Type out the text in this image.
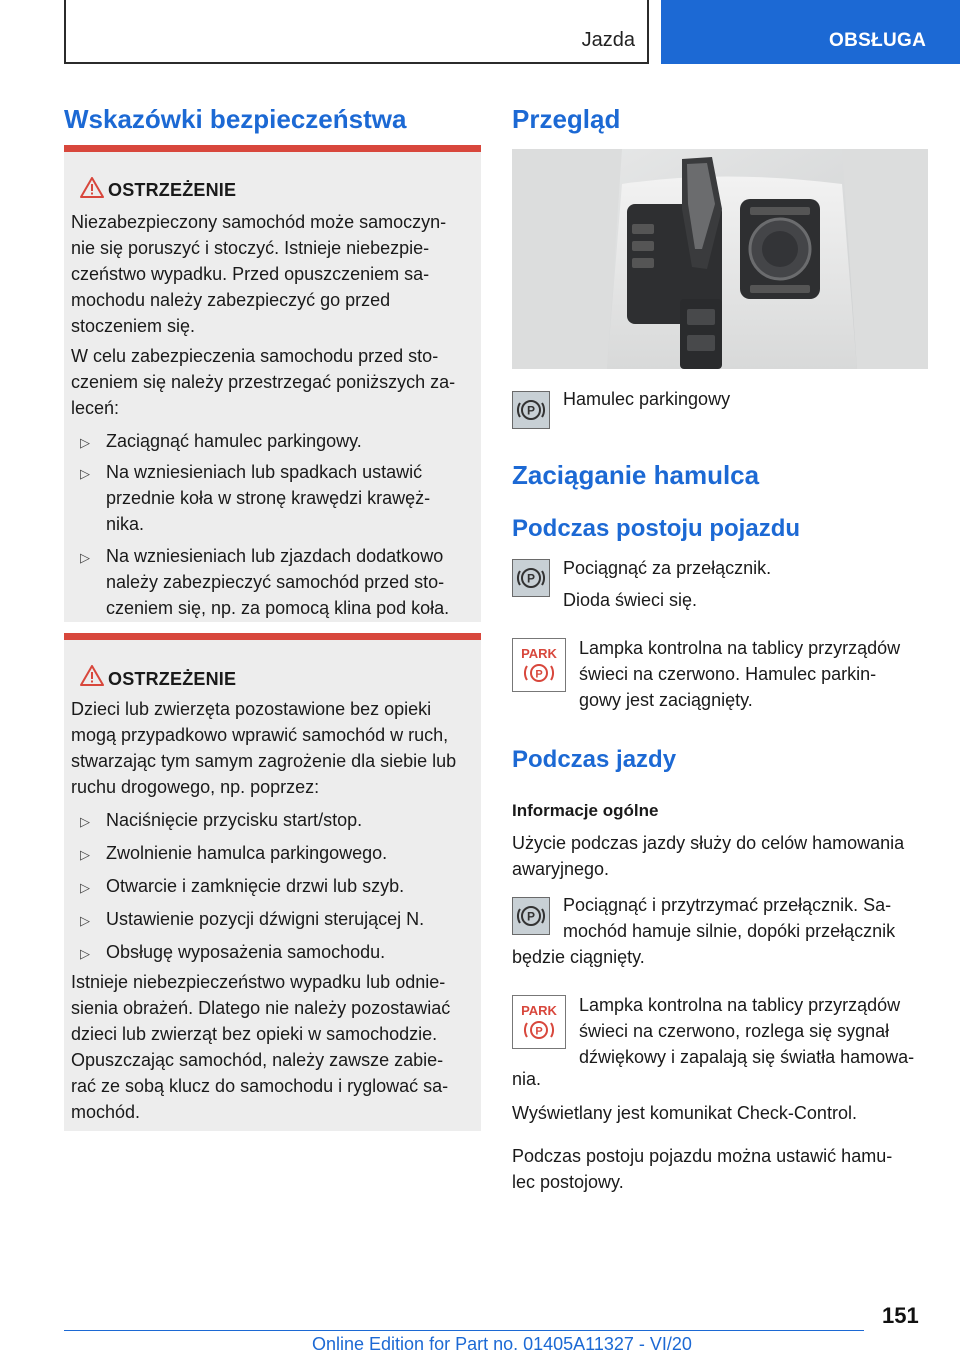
Jazda	OBSŁUGA
Wskazówki bezpieczeństwa
OSTRZEŻENIE
Niezabezpieczony samochód może samoczyn-
nie się poruszyć i stoczyć. Istnieje niebezpie-
czeństwo wypadku. Przed opuszczeniem sa-
mochodu należy zabezpieczyć go przed
stoczeniem się.
W celu zabezpieczenia samochodu przed sto-
czeniem się należy przestrzegać poniższych za-
leceń:
▷ Zaciągnąć hamulec parkingowy.
▷ Na wzniesieniach lub spadkach ustawić
przednie koła w stronę krawędzi krawęż-
nika.
▷ Na wzniesieniach lub zjazdach dodatkowo
należy zabezpieczyć samochód przed sto-
czeniem się, np. za pomocą klina pod koła.
OSTRZEŻENIE
Dzieci lub zwierzęta pozostawione bez opieki
mogą przypadkowo wprawić samochód w ruch,
stwarzając tym samym zagrożenie dla siebie lub
ruchu drogowego, np. poprzez:
▷ Naciśnięcie przycisku start/stop.
▷ Zwolnienie hamulca parkingowego.
▷ Otwarcie i zamknięcie drzwi lub szyb.
▷ Ustawienie pozycji dźwigni sterującej N.
▷ Obsługę wyposażenia samochodu.
Istnieje niebezpieczeństwo wypadku lub odnie-
sienia obrażeń. Dlatego nie należy pozostawiać
dzieci lub zwierząt bez opieki w samochodzie.
Opuszczając samochód, należy zawsze zabie-
rać ze sobą klucz do samochodu i ryglować sa-
mochód.
Przegląd
P
Hamulec parkingowy
Zaciąganie hamulca
Podczas postoju pojazdu
P
Pociągnąć za przełącznik.
Dioda świeci się.
PARK
P
Lampka kontrolna na tablicy przyrządów
świeci na czerwono. Hamulec parkin-
gowy jest zaciągnięty.
Podczas jazdy
Informacje ogólne
Użycie podczas jazdy służy do celów hamowania
awaryjnego.
P
Pociągnąć i przytrzymać przełącznik. Sa-
mochód hamuje silnie, dopóki przełącznik
będzie ciągnięty.
PARK
P
Lampka kontrolna na tablicy przyrządów
świeci na czerwono, rozlega się sygnał
dźwiękowy i zapalają się światła hamowa-
nia.
Wyświetlany jest komunikat Check-Control.
Podczas postoju pojazdu można ustawić hamu-
lec postojowy.
151
Online Edition for Part no. 01405A11327 - VI/20
